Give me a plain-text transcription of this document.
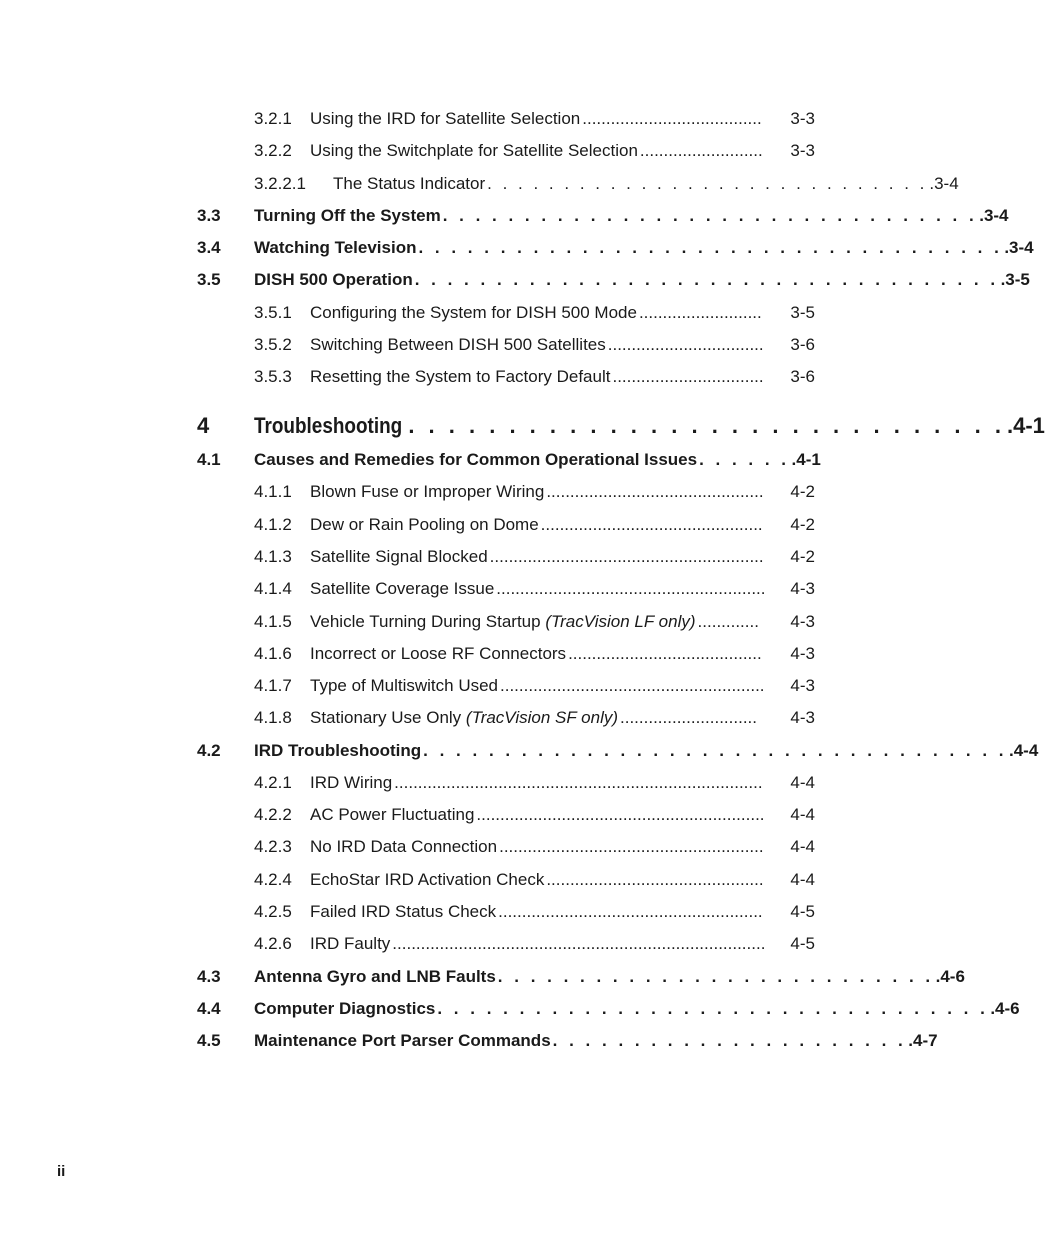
3.2.1 Using the IRD for Satellite Selection ......................................	3-3
3.2.2 Using the Switchplate for Satellite Selection ..........................	3-3
3.2.2.1 The Status Indicator . . . . . . . . . . . . . . . . . . . . . . . . . . . . . .3-4
3.3 Turning Off the System . . . . . . . . . . . . . . . . . . . . . . . . . . . . . . . . . .3-4
3.4 Watching Television . . . . . . . . . . . . . . . . . . . . . . . . . . . . . . . . . . . . .3-4
3.5 DISH 500 Operation . . . . . . . . . . . . . . . . . . . . . . . . . . . . . . . . . . . . .3-5
3.5.1 Configuring the System for DISH 500 Mode ..........................	3-5
3.5.2 Switching Between DISH 500 Satellites .................................	3-6
3.5.3 Resetting the System to Factory Default ................................	3-6
4 Troubleshooting . . . . . . . . . . . . . . . . . . . . . . . . . . . . . . .4-1
4.1 Causes and Remedies for Common Operational Issues . . . . . . .4-1
4.1.1 Blown Fuse or Improper Wiring ..............................................	4-2
4.1.2 Dew or Rain Pooling on Dome ...............................................	4-2
4.1.3 Satellite Signal Blocked ..........................................................	4-2
4.1.4 Satellite Coverage Issue .........................................................	4-3
4.1.5 Vehicle Turning During Startup (TracVision LF only) .............	4-3
4.1.6 Incorrect or Loose RF Connectors .........................................	4-3
4.1.7 Type of Multiswitch Used ........................................................	4-3
4.1.8 Stationary Use Only (TracVision SF only) .............................	4-3
4.2 IRD Troubleshooting . . . . . . . . . . . . . . . . . . . . . . . . . . . . . . . . . . . . .4-4
4.2.1 IRD Wiring ..............................................................................	4-4
4.2.2 AC Power Fluctuating .............................................................	4-4
4.2.3 No IRD Data Connection ........................................................	4-4
4.2.4 EchoStar IRD Activation Check ..............................................	4-4
4.2.5 Failed IRD Status Check ........................................................	4-5
4.2.6 IRD Faulty ...............................................................................	4-5
4.3 Antenna Gyro and LNB Faults . . . . . . . . . . . . . . . . . . . . . . . . . . . .4-6
4.4 Computer Diagnostics . . . . . . . . . . . . . . . . . . . . . . . . . . . . . . . . . . .4-6
4.5 Maintenance Port Parser Commands . . . . . . . . . . . . . . . . . . . . . . .4-7
ii
